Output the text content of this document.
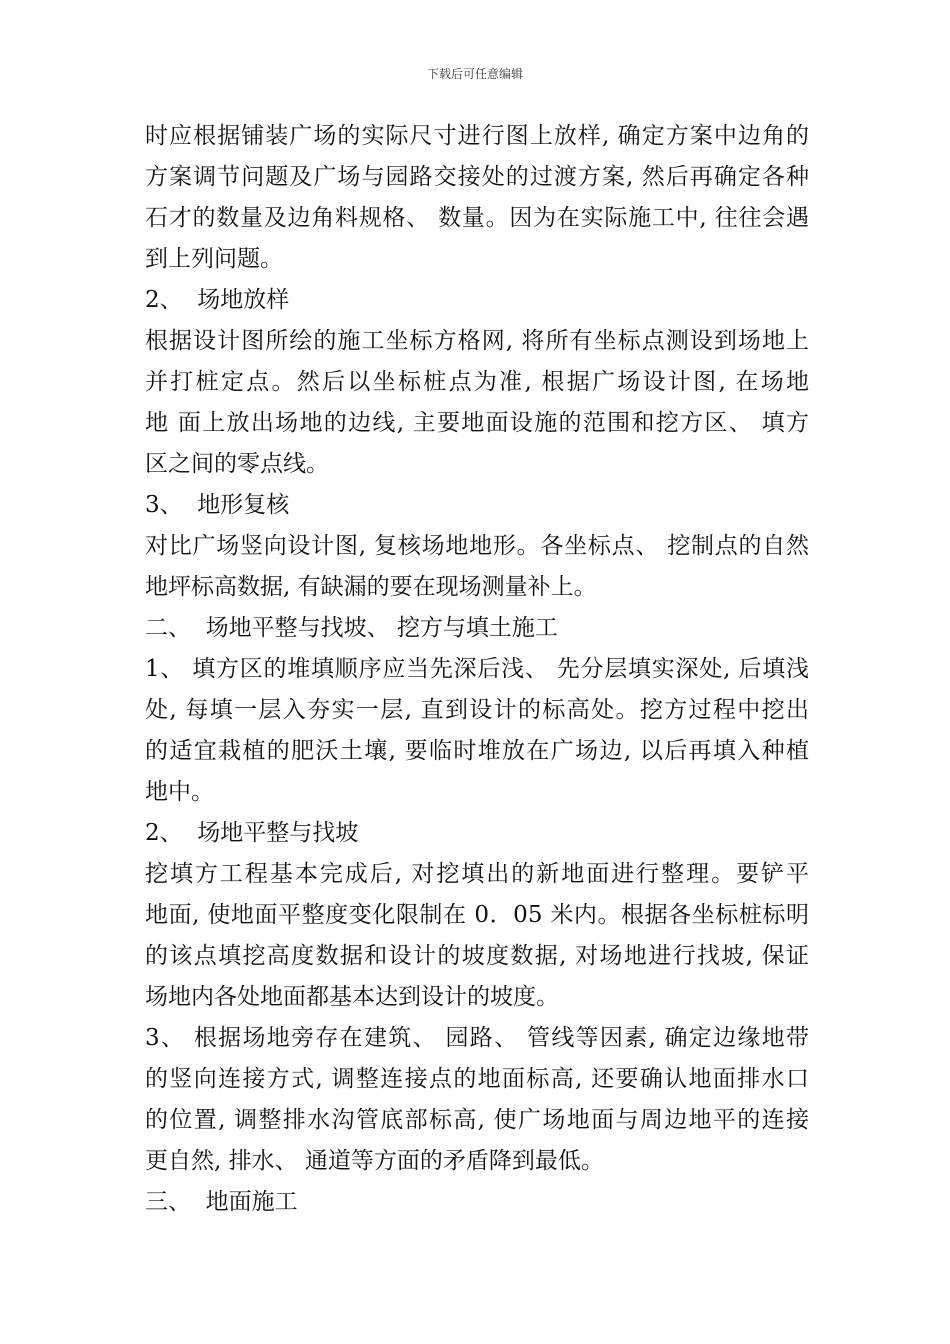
下载后可任意编辑
时应根据铺装广场的实际尺寸进行图上放样, 确定方案中边角的
方案调节问题及广场与园路交接处的过渡方案, 然后再确定各种
石才的数量及边角料规格、 数量。因为在实际施工中, 往往会遇
到上列问题。
2、  场地放样
根据设计图所绘的施工坐标方格网, 将所有坐标点测设到场地上
并打桩定点。然后以坐标桩点为准, 根据广场设计图, 在场地
地 面上放出场地的边线, 主要地面设施的范围和挖方区、 填方
区之间的零点线。
3、  地形复核
对比广场竖向设计图, 复核场地地形。各坐标点、 挖制点的自然
地坪标高数据, 有缺漏的要在现场测量补上。
二、  场地平整与找坡、 挖方与填土施工
1、 填方区的堆填顺序应当先深后浅、 先分层填实深处, 后填浅
处, 每填一层入夯实一层, 直到设计的标高处。挖方过程中挖出
的适宜栽植的肥沃土壤, 要临时堆放在广场边, 以后再填入种植
地中。
2、  场地平整与找坡
挖填方工程基本完成后, 对挖填出的新地面进行整理。要铲平
地面, 使地面平整度变化限制在 0．05 米内。根据各坐标桩标明
的该点填挖高度数据和设计的坡度数据, 对场地进行找坡, 保证
场地内各处地面都基本达到设计的坡度。
3、 根据场地旁存在建筑、 园路、 管线等因素, 确定边缘地带
的竖向连接方式, 调整连接点的地面标高, 还要确认地面排水口
的位置, 调整排水沟管底部标高, 使广场地面与周边地平的连接
更自然, 排水、 通道等方面的矛盾降到最低。
三、  地面施工
